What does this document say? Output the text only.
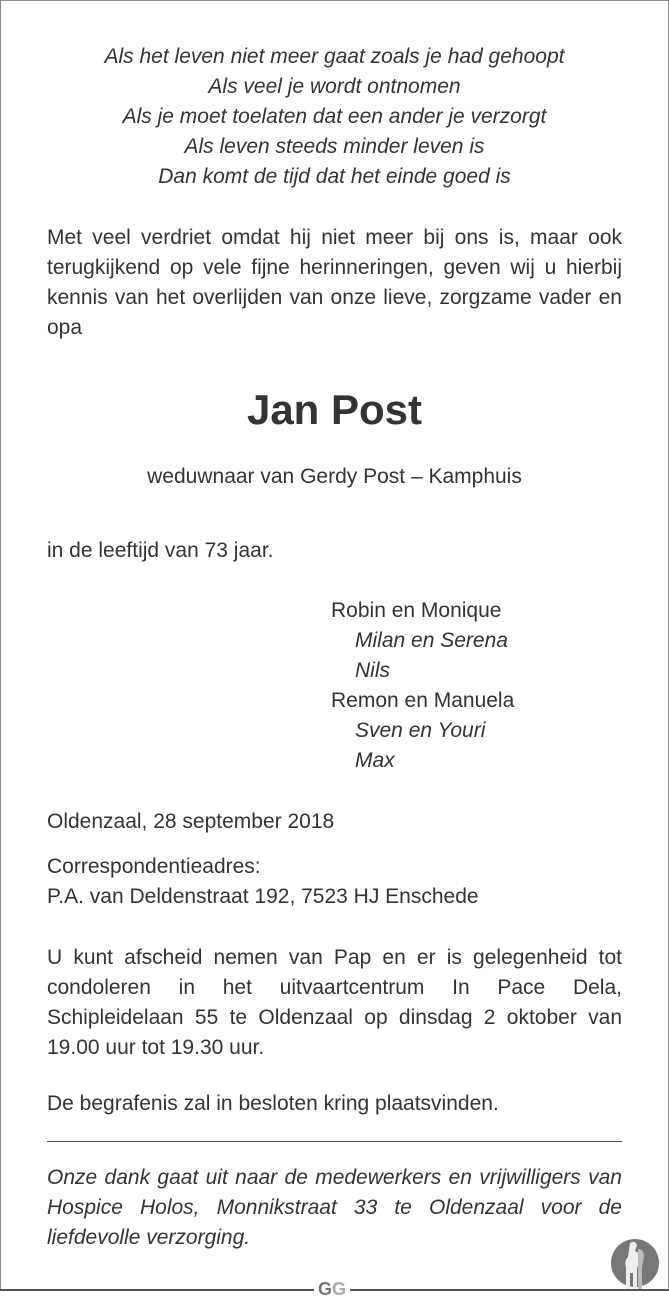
Als het leven niet meer gaat zoals je had gehoopt
Als veel je wordt ontnomen
Als je moet toelaten dat een ander je verzorgt
Als leven steeds minder leven is
Dan komt de tijd dat het einde goed is
Met veel verdriet omdat hij niet meer bij ons is, maar ook terugkijkend op vele fijne herinneringen, geven wij u hierbij kennis van het overlijden van onze lieve, zorgzame vader en opa
Jan Post
weduwnaar van Gerdy Post – Kamphuis
in de leeftijd van 73 jaar.
Robin en Monique
Milan en Serena
Nils
Remon en Manuela
Sven en Youri
Max
Oldenzaal, 28 september 2018
Correspondentieadres:
P.A. van Deldenstraat 192, 7523 HJ Enschede
U kunt afscheid nemen van Pap en er is gelegenheid tot condoleren in het uitvaartcentrum In Pace Dela, Schipleidelaan 55 te Oldenzaal op dinsdag 2 oktober van 19.00 uur tot 19.30 uur.
De begrafenis zal in besloten kring plaatsvinden.
Onze dank gaat uit naar de medewerkers en vrijwilligers van Hospice Holos, Monnikstraat 33 te Oldenzaal voor de liefdevolle verzorging.
GG
